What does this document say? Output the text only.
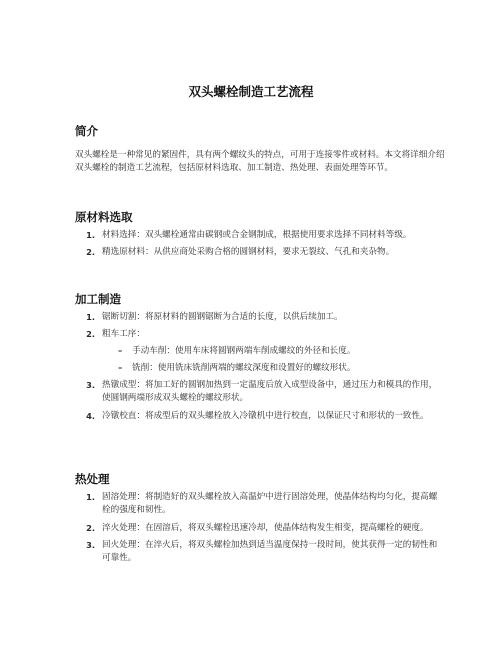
双头螺栓制造工艺流程
简介
双头螺栓是一种常见的紧固件，具有两个螺纹头的特点，可用于连接零件或材料。本文将详细介绍双头螺栓的制造工艺流程，包括原材料选取、加工制造、热处理、表面处理等环节。
原材料选取
1. 材料选择：双头螺栓通常由碳钢或合金钢制成，根据使用要求选择不同材料等级。
2. 精选原材料：从供应商处采购合格的圆钢材料，要求无裂纹、气孔和夹杂物。
加工制造
1. 锯断切割：将原材料的圆钢锯断为合适的长度，以供后续加工。
2. 粗车工序：
– 手动车削：使用车床将圆钢两端车削成螺纹的外径和长度。
– 铣削：使用铣床铣削两端的螺纹深度和设置好的螺纹形状。
3. 热镦成型：将加工好的圆钢加热到一定温度后放入成型设备中，通过压力和模具的作用，使圆钢两端形成双头螺栓的螺纹形状。
4. 冷镦校直：将成型后的双头螺栓放入冷镦机中进行校直，以保证尺寸和形状的一致性。
热处理
1. 固溶处理：将制造好的双头螺栓放入高温炉中进行固溶处理，使晶体结构均匀化，提高螺栓的强度和韧性。
2. 淬火处理：在固溶后，将双头螺栓迅速冷却，使晶体结构发生相变，提高螺栓的硬度。
3. 回火处理：在淬火后，将双头螺栓加热到适当温度保持一段时间，使其获得一定的韧性和可靠性。
